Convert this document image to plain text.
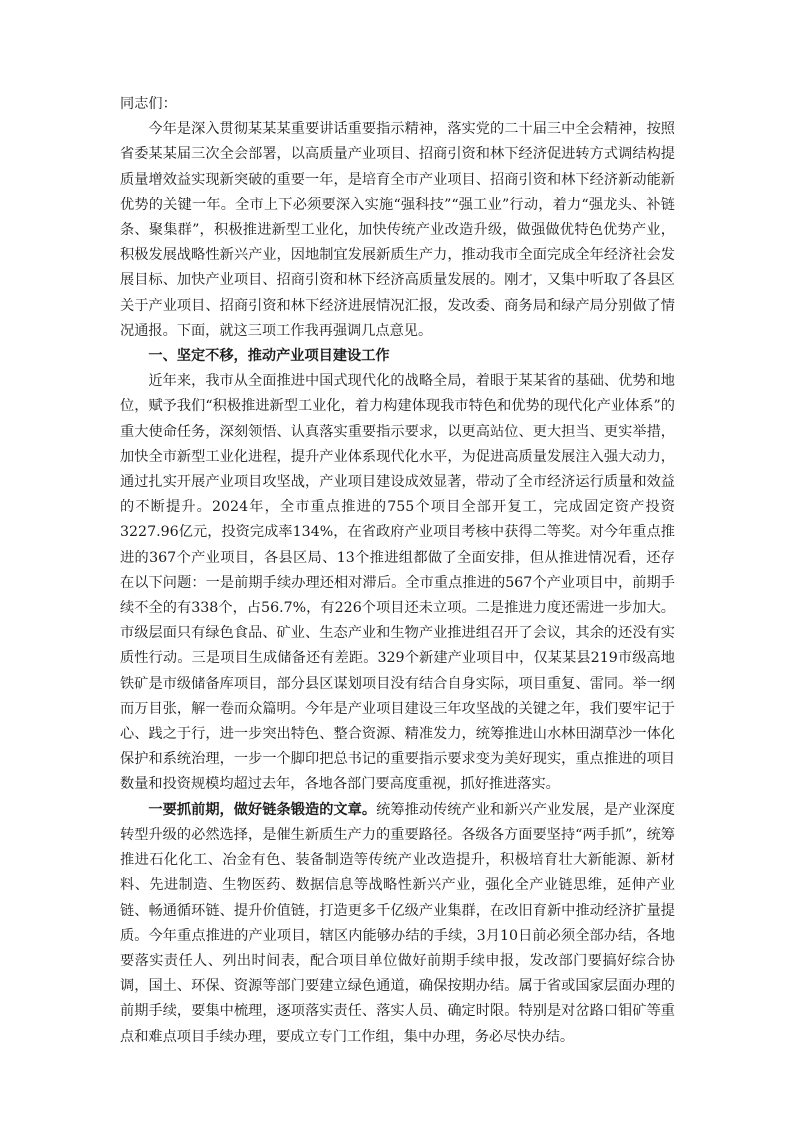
同志们：

今年是深入贯彻某某某重要讲话重要指示精神，落实党的二十届三中全会精神，按照省委某某届三次全会部署，以高质量产业项目、招商引资和林下经济促进转方式调结构提质量增效益实现新突破的重要一年，是培育全市产业项目、招商引资和林下经济新动能新优势的关键一年。全市上下必须要深入实施“强科技”“强工业”行动，着力“强龙头、补链条、聚集群”，积极推进新型工业化，加快传统产业改造升级，做强做优特色优势产业，积极发展战略性新兴产业，因地制宜发展新质生产力，推动我市全面完成全年经济社会发展目标、加快产业项目、招商引资和林下经济高质量发展的。刚才，又集中听取了各县区关于产业项目、招商引资和林下经济进展情况汇报，发改委、商务局和绿产局分别做了情况通报。下面，就这三项工作我再强调几点意见。

一、坚定不移，推动产业项目建设工作

近年来，我市从全面推进中国式现代化的战略全局，着眼于某某省的基础、优势和地位，赋予我们“积极推进新型工业化，着力构建体现我市特色和优势的现代化产业体系”的重大使命任务，深刻领悟、认真落实重要指示要求，以更高站位、更大担当、更实举措，加快全市新型工业化进程，提升产业体系现代化水平，为促进高质量发展注入强大动力，通过扎实开展产业项目攻坚战，产业项目建设成效显著，带动了全市经济运行质量和效益的不断提升。2024年，全市重点推进的755个项目全部开复工，完成固定资产投资3227.96亿元，投资完成率134%，在省政府产业项目考核中获得二等奖。对今年重点推进的367个产业项目，各县区局、13个推进组都做了全面安排，但从推进情况看，还存在以下问题：一是前期手续办理还相对滞后。全市重点推进的567个产业项目中，前期手续不全的有338个，占56.7%，有226个项目还未立项。二是推进力度还需进一步加大。市级层面只有绿色食品、矿业、生态产业和生物产业推进组召开了会议，其余的还没有实质性行动。三是项目生成储备还有差距。329个新建产业项目中，仅某某县219市级高地铁矿是市级储备库项目，部分县区谋划项目没有结合自身实际，项目重复、雷同。举一纲而万目张，解一卷而众篇明。今年是产业项目建设三年攻坚战的关键之年，我们要牢记于心、践之于行，进一步突出特色、整合资源、精准发力，统筹推进山水林田湖草沙一体化保护和系统治理，一步一个脚印把总书记的重要指示要求变为美好现实，重点推进的项目数量和投资规模均超过去年，各地各部门要高度重视，抓好推进落实。

一要抓前期，做好链条锻造的文章。统筹推动传统产业和新兴产业发展，是产业深度转型升级的必然选择，是催生新质生产力的重要路径。各级各方面要坚持“两手抓”，统筹推进石化化工、冶金有色、装备制造等传统产业改造提升，积极培育壮大新能源、新材料、先进制造、生物医药、数据信息等战略性新兴产业，强化全产业链思维，延伸产业链、畅通循环链、提升价值链，打造更多千亿级产业集群，在改旧育新中推动经济扩量提质。今年重点推进的产业项目，辖区内能够办结的手续，3月10日前必须全部办结，各地要落实责任人、列出时间表，配合项目单位做好前期手续申报，发改部门要搞好综合协调，国土、环保、资源等部门要建立绿色通道，确保按期办结。属于省或国家层面办理的前期手续，要集中梳理，逐项落实责任、落实人员、确定时限。特别是对岔路口钼矿等重点和难点项目手续办理，要成立专门工作组，集中办理，务必尽快办结。
